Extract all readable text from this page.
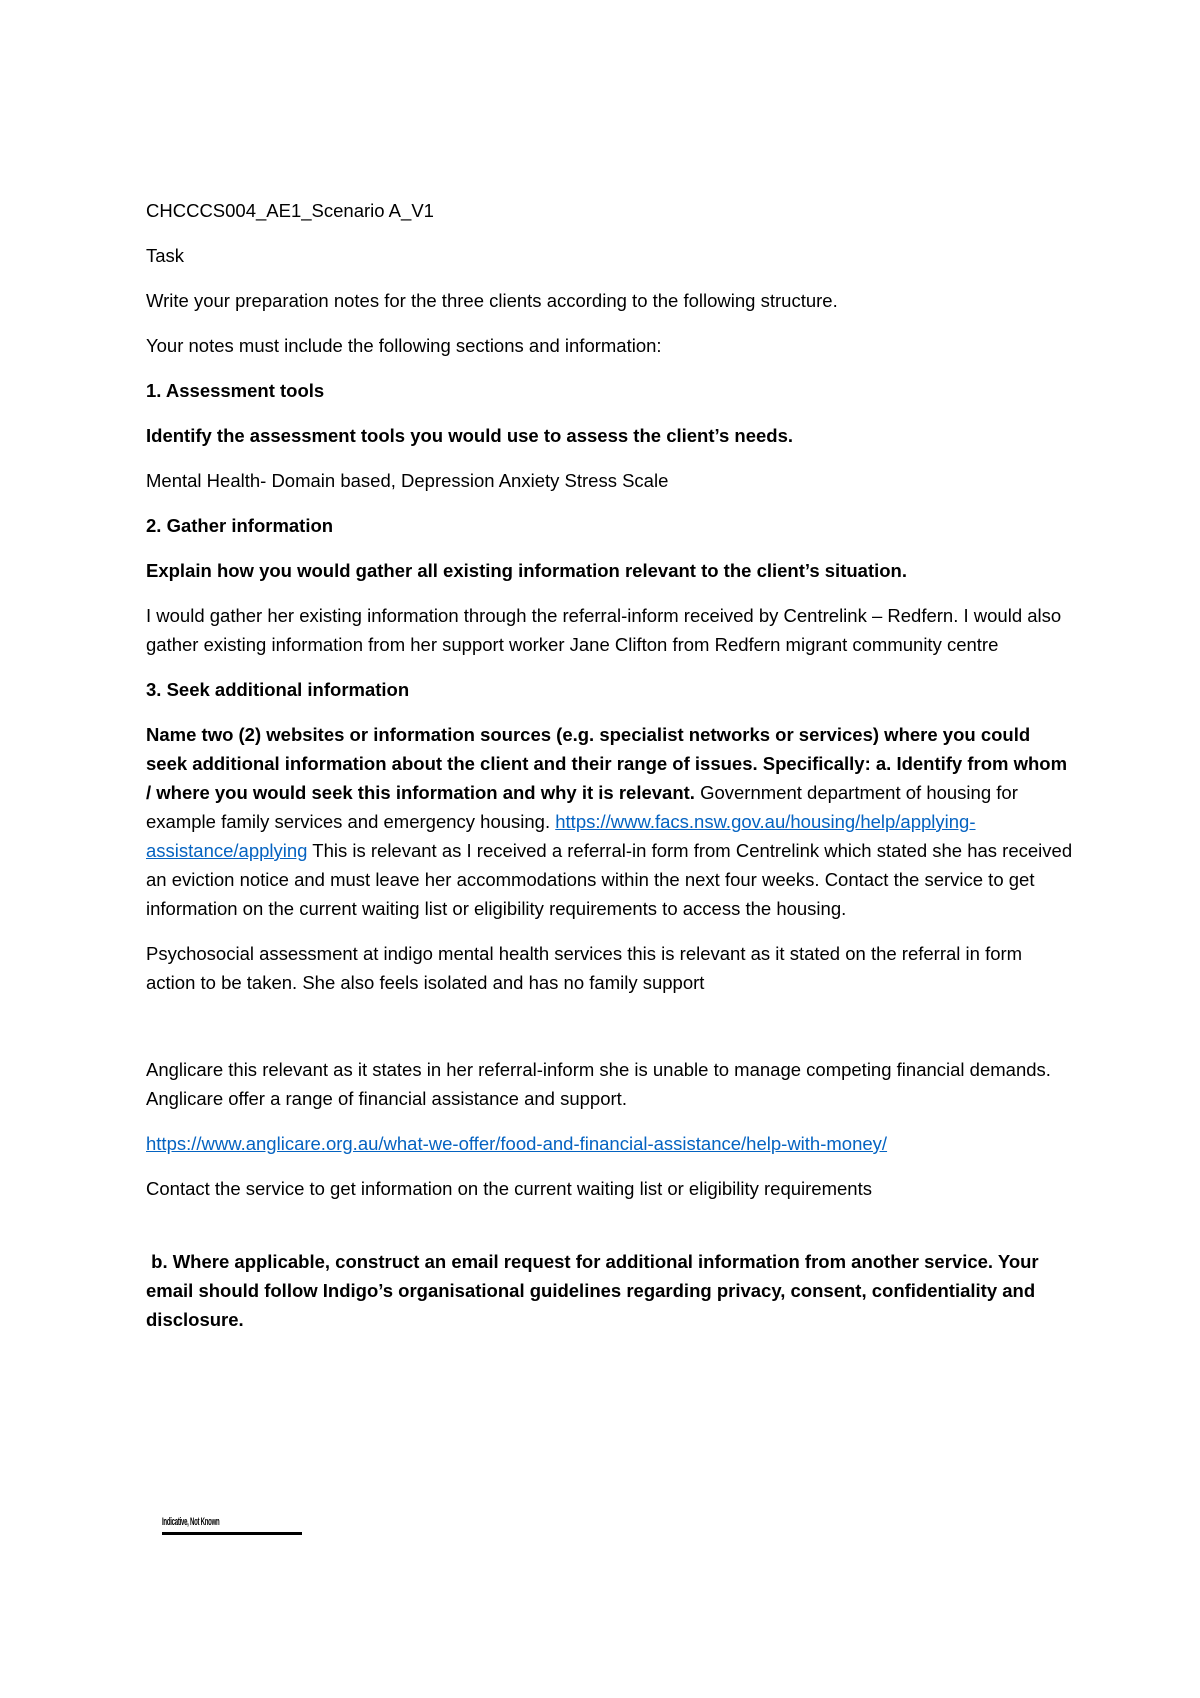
CHCCCS004_AE1_Scenario A_V1

Task

Write your preparation notes for the three clients according to the following structure.

Your notes must include the following sections and information:

1. Assessment tools

Identify the assessment tools you would use to assess the client’s needs.

Mental Health- Domain based, Depression Anxiety Stress Scale

2. Gather information

Explain how you would gather all existing information relevant to the client’s situation.

I would gather her existing information through the referral-inform received by Centrelink – Redfern. I would also gather existing information from her support worker Jane Clifton from Redfern migrant community centre

3. Seek additional information

Name two (2) websites or information sources (e.g. specialist networks or services) where you could seek additional information about the client and their range of issues. Specifically: a. Identify from whom / where you would seek this information and why it is relevant. Government department of housing for example family services and emergency housing. https://www.facs.nsw.gov.au/housing/help/applying-assistance/applying This is relevant as I received a referral-in form from Centrelink which stated she has received an eviction notice and must leave her accommodations within the next four weeks. Contact the service to get information on the current waiting list or eligibility requirements to access the housing.

Psychosocial assessment at indigo mental health services this is relevant as it stated on the referral in form action to be taken. She also feels isolated and has no family support

Anglicare this relevant as it states in her referral-inform she is unable to manage competing financial demands. Anglicare offer a range of financial assistance and support.

https://www.anglicare.org.au/what-we-offer/food-and-financial-assistance/help-with-money/

Contact the service to get information on the current waiting list or eligibility requirements

b. Where applicable, construct an email request for additional information from another service. Your email should follow Indigo’s organisational guidelines regarding privacy, consent, confidentiality and disclosure.

Indicative, Not Known
